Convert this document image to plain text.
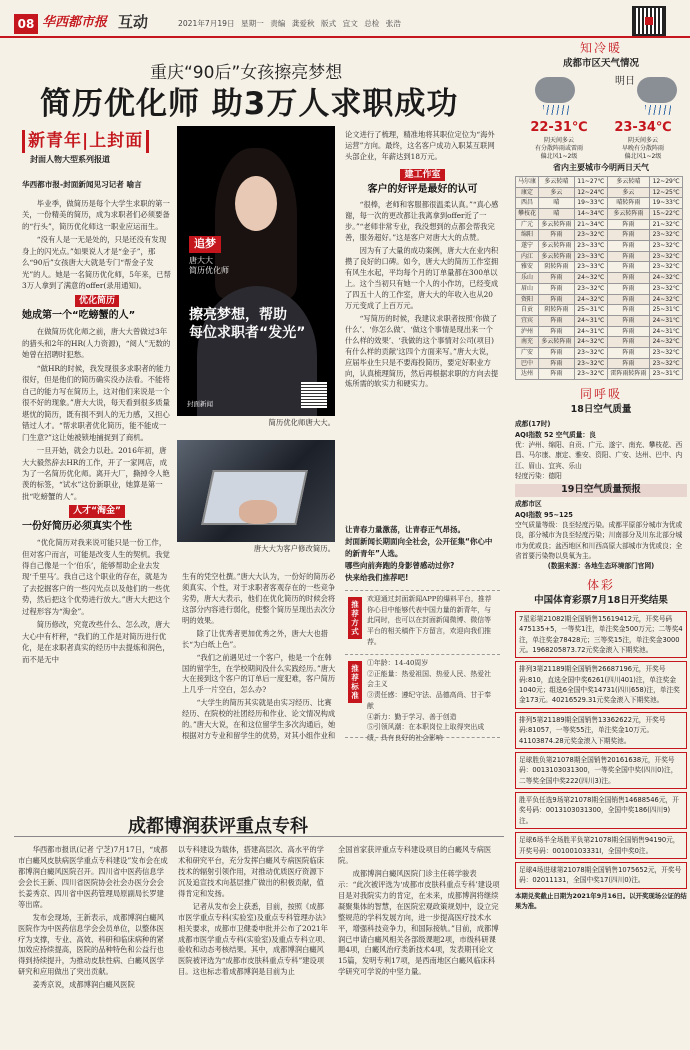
08 华西都市报 互动	2021年7月19日 星期一 责编 龚爱秋 版式 宜文 总检 张浩
重庆“90后”女孩擦亮梦想
简历优化师 助3万人求职成功
新青年|上封面
封面人物大型系列报道
华西都市报-封面新闻见习记者 喻言

毕业季，做简历是每个大学生求职的第一关，一份精美的简历，成为求职者们必须要备的“行头”，简历优化师这一职业应运而生。

“没有人是一无是处的，只是还没有发现身上的闪光点。”如果说人才是“金子”，那么“90后”女孩唐大大就是专门“帮金子发光”的人。她是一名简历优化师，5年来，已帮3万人拿到了满意的offer(录用通知)。

优化简历
她成第一个“吃螃蟹的人”

在做简历优化师之前，唐大大曾做过3年的猎头和2年的HR(人力资源)，“阅人”无数的她曾在招聘时犯愁。

“做HR的时候，我发现很多求职者的能力很好，但是他们的简历确实没办法看。不能将自己的能力写在简历上，这对他们来说是一个很不好的现象。”唐大大说，每天看到很多质量堪忧的简历，既有损不到人的无力感，又担心错过人才。“帮求职者优化简历，能不能成一门生意?”这让她被锁地捕捉到了商机。

一旦开始，就会力以赴。2016年初，唐大大毅然辞去HR的工作，开了一家网店，成为了一名简历优化师。离开大厂，撕掉令人艳羡的标签，“试水”这份新职业，她算是第一批“吃螃蟹的人”。

人才“淘金”
一份好简历必须真实个性

“优化简历对我来说可能只是一份工作，但对客户而言，可能是改变人生的契机。我觉得自己像是一个‘伯乐’，能够帮助企业去发现‘千里马’。我自己这个职业的存在，就是为了去挖掘客户的一些闪光点以及他们的一些优势，然后把这个优势进行放大。”唐大大把这个过程形容为“淘金”。

简历修改，究竟改些什么、怎么改，唐大大心中有杆秤，“我们的工作是对简历进行优化，是在求职者真实的经历中去提炼和润色，而不是无中

追梦
唐大大
简历优化师
擦亮梦想，帮助
每位求职者“发光”
封面新闻
简历优化师唐大大。
唐大大为客户修改简历。

生有的凭空杜撰。”唐大大认为，一份好的简历必须真实、个性，对于求职者客观存在的一些竞争劣势，唐大大表示，他们在优化简历的时候会将这部分内容进行弱化，使整个简历呈现出去次分明的效果。

除了让优秀者更加优秀之外，唐大大也措长“为白纸上色”。

“我们之前遇见过一个客户，他是一个在韩国的留学生，在学校期间没什么实践经历。”唐大大在接到这个客户的订单后一度犯难，客户简历上几乎一片空白，怎么办?

“大学生的简历其实就是由实习经历、比赛经历、在院校的社团经历和作业、论文情况构成的。”唐大大说，在和这位留学生多次沟通后，她根据对方专业和留学生的优势，对其小组作业和

论文进行了梳理，精准地将其职位定位为“海外运营”方向。最终，这名客户成功入职某互联网头部企业，年薪达到18万元。

建工作室
客户的好评是最好的认可

“很棒，老师和客服都很温柔认真。”“真心感谢，每一次的更改都让我离拿到offer近了一步。”“老师非常专业，我没想到的点都会帮我完善，服务超好。”这是客户对唐大大的点赞。

因为有了大量的成功案例，唐大大在业内积攒了良好的口碑。如今，唐大大的简历工作室拥有风生水起，平均每个月的订单量都在300单以上。这个当初只有她一个人的小作坊，已经变成了四五十人的工作室，唐大大的年收入也从20万元变成了上百万元。

“写简历的时候，我建议求职者按照‘你做了什么’、‘你怎么做’、‘做这个事情是现出来一个什么样的效果’、‘我做的这个事情对公司(项目)有什么样的贡献’这四个方面来写。”唐大大说，应届毕业生只是不要海投简历，要定好职业方向，认真梳理简历，然后再根据求职的方向去提炼所需的软实力和硬实力。

让青春力量激荡，让青春正气昂扬。
封面新闻长期面向全社会，公开征集“你心中的新青年”人选。
哪些向前奔跑的身影曾感动过你?
快来给我们推荐吧!
推荐方式
欢迎通过封面新闻APP的爆料平台，推荐你心目中能够代表中国力量的新青年，与此同时，也可以在封面新闻微博、微信等平台的相关稿件下方留言，欢迎向我们推荐。
推荐标准
①年龄：14-40周岁
②正能量：热爱祖国、热爱人民、热爱社会主义
③责任感：遵纪守法、品德高尚、甘于奉献
④新力：勤于学习、善于创造
⑤引领风潮：在本职岗位上取得突出成绩，具有良好的社会影响
成都博润获评重点专科

华西都市报讯(记者 宁芝)7月17日，“成都市白癜风皮肤病医学重点专科建设”发布会在成都博润白癜风医院召开。四川省中医药信息学会会长王新、四川省医院协会社会办医分会会长姜秀京、四川省中医药管理局原副局长罗建等出席。

发布会现场，王新表示，成都博润白癜风医院作为中医药信息学会会员单位，以整体医疗为支撑，专业、高效、科研和临床病种的紧加效应持续提高，医院的品种特色和公益行也得到持续提升，为推动皮肤性病、白癜风医学研究和应用做出了突出贡献。

姜秀京说，成都博润白癜风医院

以专科建设为载体，搭建高层次、高水平的学术和研究平台，充分发挥白癜风专病医院临床技术的辐射引领作用，对推动优质医疗资源下沉及追宣技术向基层推广做出的积极贡献，值得肯定和发扬。

记者从发布会上获悉，目前，按照《成都市医学重点专科(实验室)及重点专科管理办法》相关要求，成都市卫健委申批并公布了2021年成都市医学重点专科(实验室)及重点专科立项、验收和动态考核结果。其中，成都博润白癜风医院被评选为“成都市皮肤科重点专科”建设项目。这也标志着成都博润是目前为止

全国首家获评重点专科建设项目的白癜风专病医院。

成都博润白癜风医院门诊主任蒋学骏表示：“此次被评选为‘成都市皮肤科重点专科’建设项目是对我院实力的肯定，在未来，成都博润将继续凝聚集体的智慧，在医院宏观政策规划中，设立完整规范的学科发展方向，进一步提高医疗技术水平，增强科技竞争力，和国际接轨。”目前，成都博润已申请白癜风相关各部级课题2项，市级科研课题4项，白癜风治疗类新技术4项，发表期刊论文15篇，发明专利17项，是西南地区白癜风临床科学研究可学说的中坚力量。

知冷暖
成都市区天气情况
明日
22-31℃
阴天间多云
有分散阵雨或雷雨
偏北风1~2级
23-34℃
阴天间多云
早晚有分散阵雨
偏北风1~2级
省内主要城市今明两日天气
马尔康	多云转晴	11~27℃	多云转晴	12~29℃
康定	多云	12~24℃	多云	12~25℃
西昌	晴	19~33℃	晴转阵雨	19~33℃
攀枝花	晴	14~34℃	多云转阵雨	15~22℃
广元	多云转阵雨	21~34℃	阵雨	21~32℃
绵阳	阵雨	23~32℃	阵雨	23~32℃
遂宁	多云转阵雨	23~33℃	阵雨	23~32℃
内江	多云转阵雨	23~33℃	阵雨	23~32℃
雅安	阴转阵雨	23~33℃	阵雨	23~32℃
乐山	阵雨	24~32℃	阵雨	24~32℃
眉山	阵雨	23~32℃	阵雨	23~32℃
资阳	阵雨	24~32℃	阵雨	24~32℃
自贡	阴转阵雨	25~31℃	阵雨	25~31℃
宜宾	阵雨	24~31℃	阵雨	24~31℃
泸州	阵雨	24~31℃	阵雨	24~31℃
南充	多云转阵雨	24~32℃	阵雨	24~32℃
广安	阵雨	23~32℃	阵雨	23~32℃
巴中	阵雨	23~32℃	阵雨	23~32℃
达州	阵雨	23~32℃	雷阵雨转阵雨	23~31℃
同呼吸
18日空气质量
成都(17时)
AQI指数 52 空气质量：良
优：泸州、绵阳、自贡、广元、遂宁、南充、攀枝花、西昌、马尔康、康定、雅安、资阳、广安、达州、巴中、内江、眉山、宜宾、乐山
轻度污染：德阳
19日空气质量预报
成都市区
AQI指数 95~125
空气质量等级：良至轻度污染。成都平原部分城市为优或良，部分城市为良至轻度污染；川南部分及川东北部分城市为优或良；盆西地区和川西高原大部城市为优或良；全省首要污染物以臭氧为主。
(数据来源：各地生态环境部门官网)
体彩
中国体育彩票7月18日开奖结果
7星彩第21082期全国销售15619412元，开奖号码475135+5，一等奖1注，单注奖金500万元；二等奖4注，单注奖金78428元；三等奖15注，单注奖金3000元。1968205873.72元奖金滚入下期奖池。
排列3第21189期全国销售26687196元，开奖号码:810，直选全国中奖6261(四川401)注，单注奖金1040元；组选6全国中奖14731(四川658)注，单注奖金173元。40216529.31元奖金滚入下期奖池。
排列5第21189期全国销售13362622元，开奖号码:81057，一等奖55注，单注奖金10万元。41103874.28元奖金滚入下期奖池。
足球胜负第21078期全国销售20161638元，开奖号码：0013103031300，一等奖全国中奖(四川0)注，二等奖全国中奖222(四川3)注。
胜平负任选9场第21078期全国销售14688546元，开奖号码：0013103031300，全国中奖186(四川9)注。
足球6场半全场胜平负第21078期全国销售94190元，开奖号码：00100103331I，全国中奖0注。
足球4场进球第21078期全国销售1075652元，开奖号码：02011131，全国中奖17(四川0)注。
本期兑奖截止日期为2021年9月16日。以开奖现场公证的结果为准。
